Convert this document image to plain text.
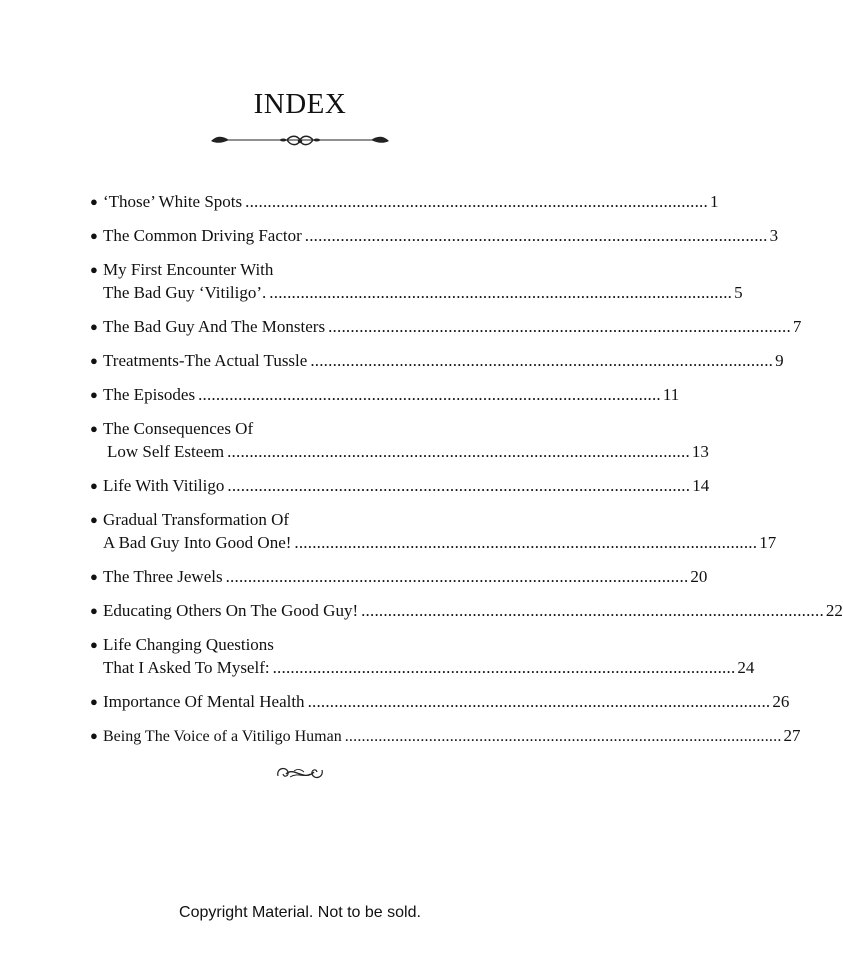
INDEX
● ‘Those’ White Spots ........................................................................................................ 1
● The Common Driving Factor ........................................................................................................ 3
● My First Encounter With
The Bad Guy ‘Vitiligo’. ........................................................................................................ 5
● The Bad Guy And The Monsters ........................................................................................................ 7
● Treatments-The Actual Tussle ........................................................................................................ 9
● The Episodes ........................................................................................................ 11
● The Consequences Of
Low Self Esteem ........................................................................................................ 13
● Life With Vitiligo ........................................................................................................ 14
● Gradual Transformation Of
A Bad Guy Into Good One! ........................................................................................................ 17
● The Three Jewels ........................................................................................................ 20
● Educating Others On The Good Guy! ........................................................................................................ 22
● Life Changing Questions
That I Asked To Myself: ........................................................................................................ 24
● Importance Of Mental Health ........................................................................................................ 26
● Being The Voice of a Vitiligo Human ........................................................................................................ 27
Copyright Material. Not to be sold.
